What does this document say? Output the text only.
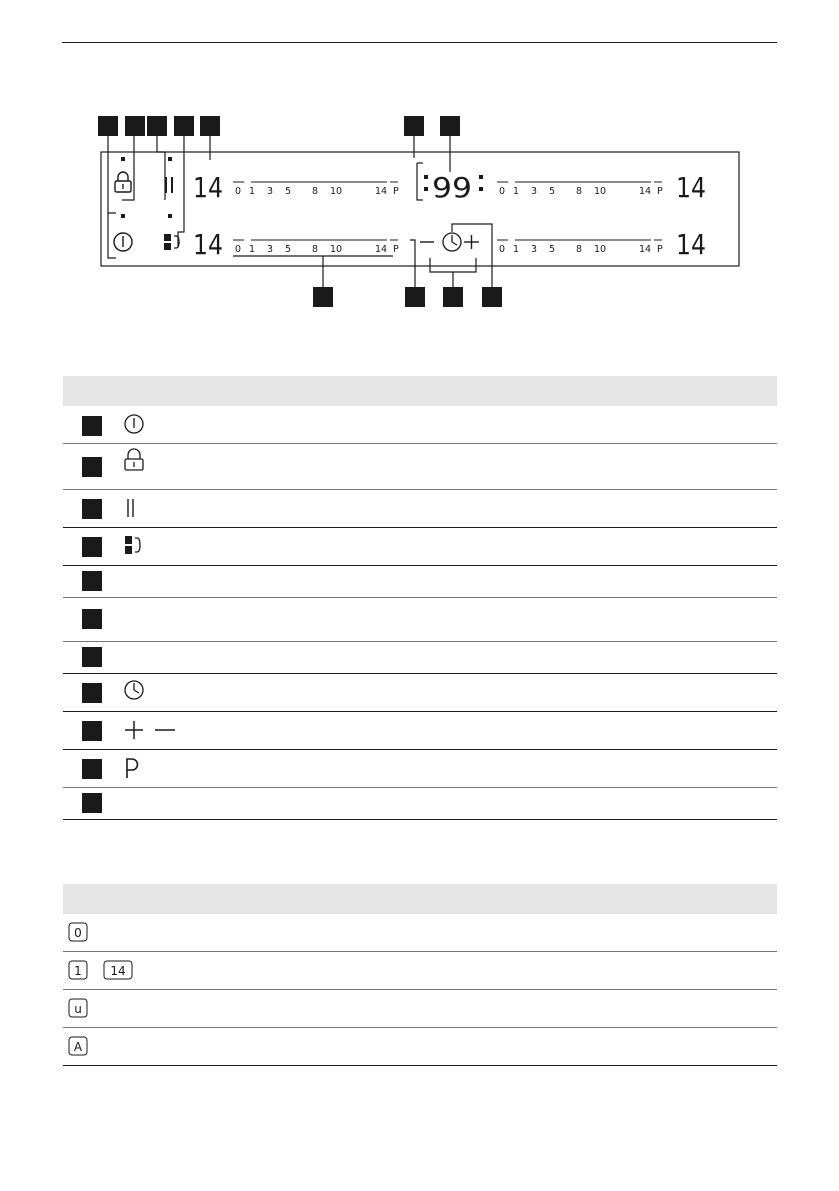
14
14
14
14
99
0 1 3 5 8 10	14 P
0 1 3 5 8 10	14 P
0 1 3 5 8 10	14 P
0 1 3 5 8 10	14 P
0
1 14
u
A
